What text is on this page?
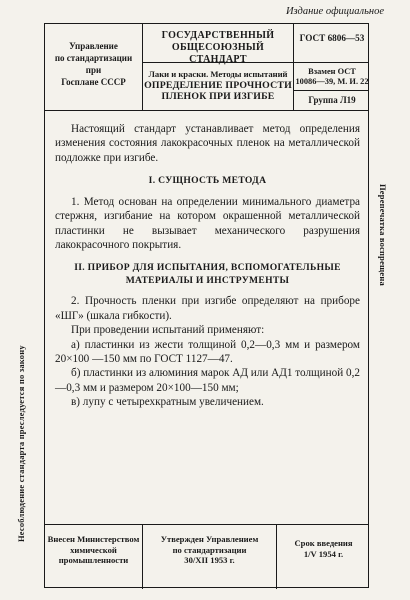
Издание официальное
Несоблюдение стандарта преследуется по закону
Перепечатка воспрещена
Управление
по стандартизации
при
Госплане СССР
ГОСУДАРСТВЕННЫЙ
ОБЩЕСОЮЗНЫЙ СТАНДАРТ
Лаки и краски. Методы испытаний
ОПРЕДЕЛЕНИЕ ПРОЧНОСТИ
ПЛЕНОК ПРИ ИЗГИБЕ
ГОСТ 6806—53
Взамен ОСТ
10086—39, М. И. 22
Группа Л19

Настоящий стандарт устанавливает метод определения изменения состояния лакокрасочных пленок на металлической подложке при изгибе.

I. СУЩНОСТЬ МЕТОДА

1. Метод основан на определении минимального диаметра стержня, изгибание на котором окрашенной металлической пластинки не вызывает механического разрушения лакокрасочного покрытия.

II. ПРИБОР ДЛЯ ИСПЫТАНИЯ, ВСПОМОГАТЕЛЬНЫЕ

МАТЕРИАЛЫ И ИНСТРУМЕНТЫ

2. Прочность пленки при изгибе определяют на приборе «ШГ» (шкала гибкости).

При проведении испытаний применяют:

а) пластинки из жести толщиной 0,2—0,3 мм и размером 20×100 —150 мм по ГОСТ 1127—47.

б) пластинки из алюминия марок АД или АД1 толщиной 0,2—0,3 мм и размером 20×100—150 мм;

в) лупу с четырехкратным увеличением.

Внесен Министерством
химической
промышленности
Утвержден Управлением
по стандартизации
30/XII 1953 г.
Срок введения
1/V 1954 г.
